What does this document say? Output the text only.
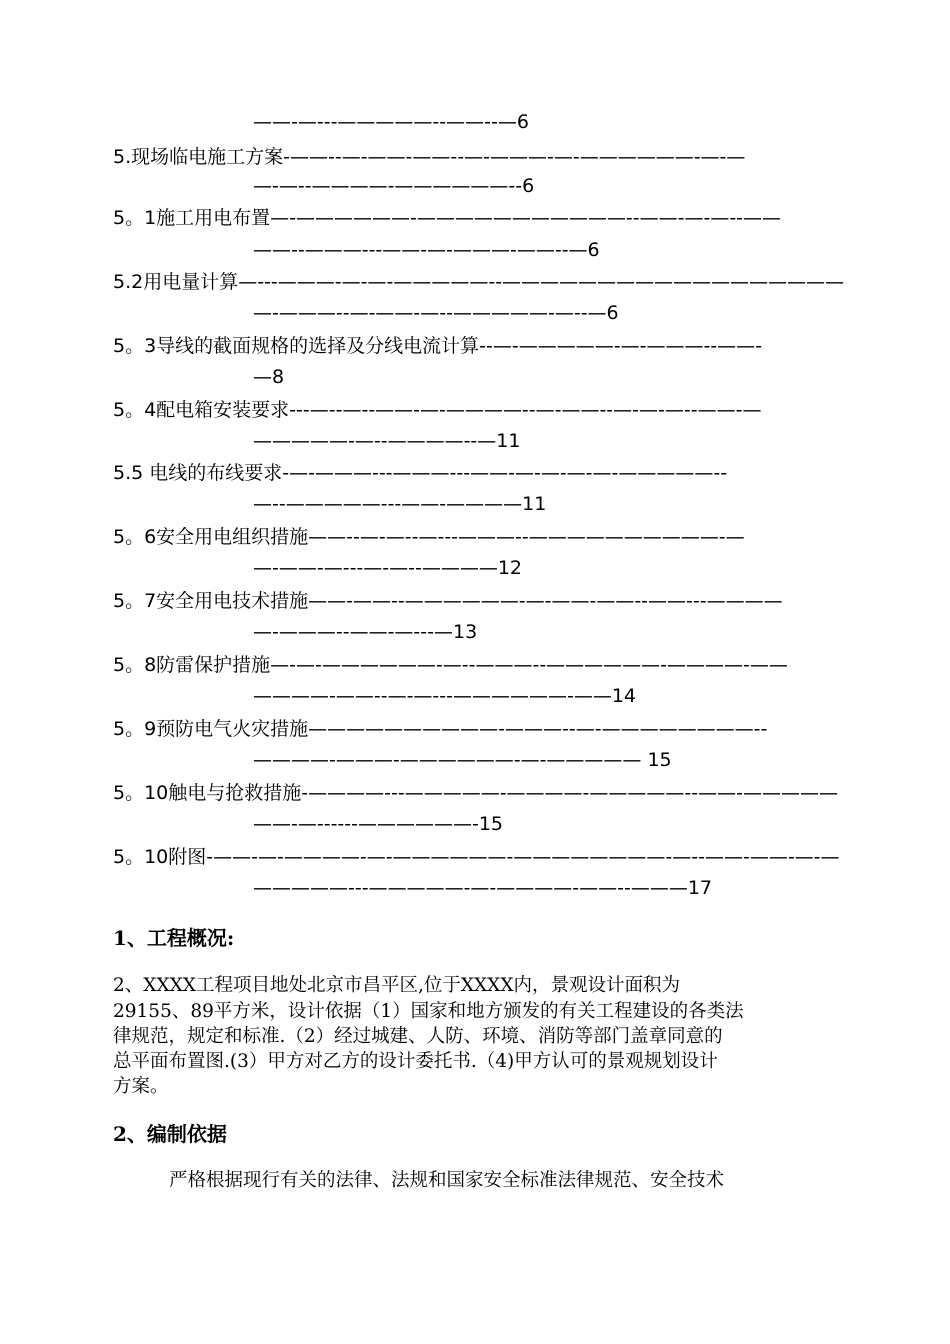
——-—---—————--——--—6
5.现场临电施工方案-——--—-——-——--—-———-—-——————-—-—
—-—--————-——————--6
5。1施工用电布置—-——————-———————————--——-—-—--——
——--———---——-—-———-——--—6
5.2用电量计算—---———-—-—-—————--——————————————————
—-———--—-——-—--—————-—--—6
5。3导线的截面规格的选择及分线电流计算--—-—————-—-———--——-
—8
5。4配电箱安装要求---—--—--——-—-————--—-——--—-—-—--——-—
—————-—--————--—11
5.5 电线的布线要求-—-———---———---——-—-—-—-—-—————--
—--—————---——-————11
5。6安全用电组织措施——--—-—--—---———--——————————-—
—-——-—---—-—--————12
5。7安全用电技术措施——-——--——————-—-——-——--——---————
—-———--——-—---—13
5。8防雷保护措施—-—-——————-—--———--——————-————-——
————-——--—-—---——————-——14
5。9预防电气火灾措施——————————-———--—-————————--
————-———-——————-—-————— 15
5。10触电与抢救措施-————---—————-————-—————--——-—————
——-—------——————-15
5。10附图-——-—-————-—-——————-————————-—--——-——-—-—
—————---—————-—-————-——--———17
1、工程概况:
2、XXXX工程项目地处北京市昌平区,位于XXXX内，景观设计面积为
29155、89平方米，设计依据（1）国家和地方颁发的有关工程建设的各类法
律规范，规定和标准.（2）经过城建、人防、环境、消防等部门盖章同意的
总平面布置图.(3）甲方对乙方的设计委托书.（4)甲方认可的景观规划设计
方案。
2、编制依据
严格根据现行有关的法律、法规和国家安全标准法律规范、安全技术
